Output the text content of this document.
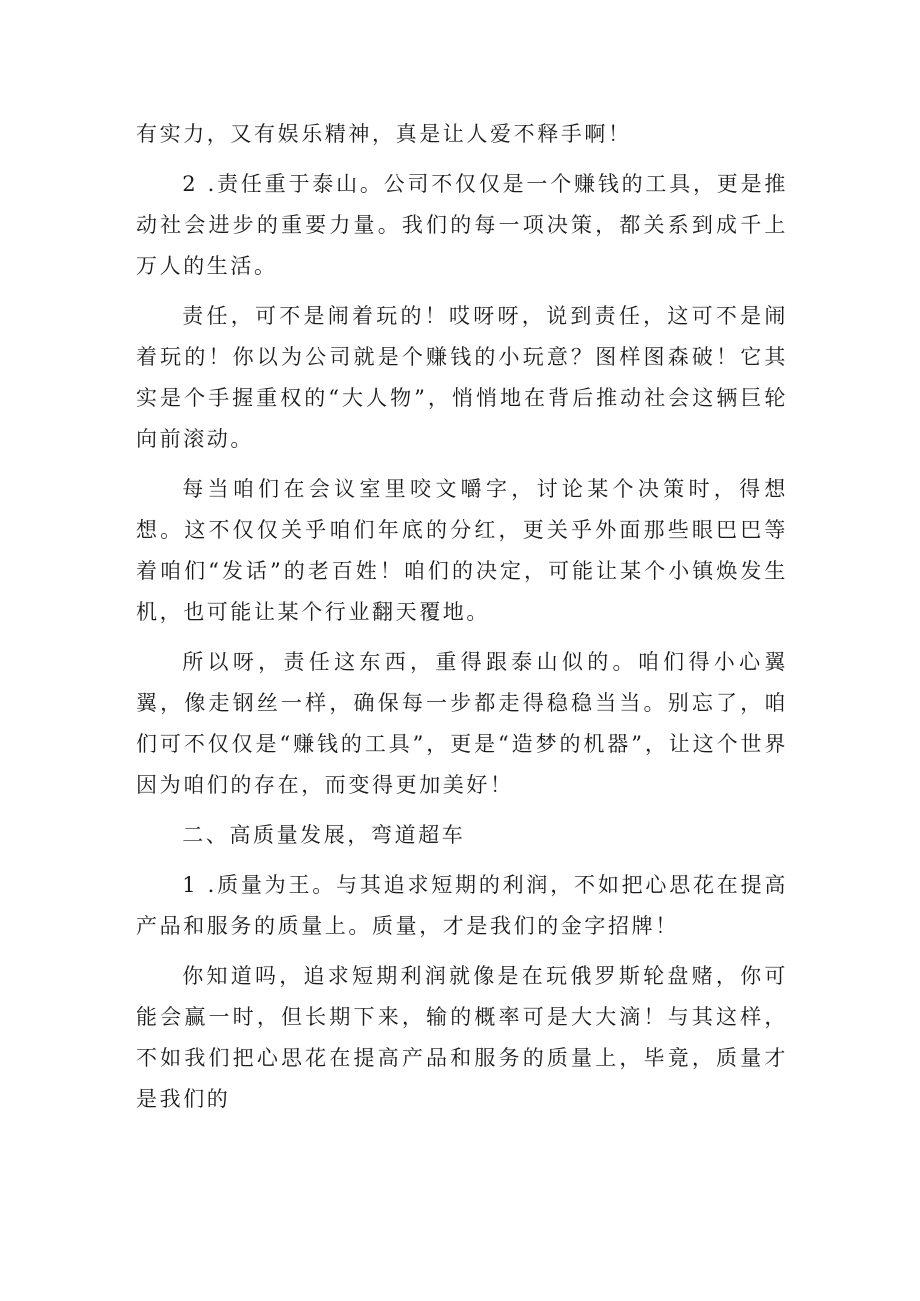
有实力，又有娱乐精神，真是让人爱不释手啊！

2 .责任重于泰山。公司不仅仅是一个赚钱的工具，更是推动社会进步的重要力量。我们的每一项决策，都关系到成千上万人的生活。

责任，可不是闹着玩的！哎呀呀，说到责任，这可不是闹着玩的！你以为公司就是个赚钱的小玩意？图样图森破！它其实是个手握重权的“大人物”，悄悄地在背后推动社会这辆巨轮向前滚动。

每当咱们在会议室里咬文嚼字，讨论某个决策时，得想想。这不仅仅关乎咱们年底的分红，更关乎外面那些眼巴巴等着咱们“发话”的老百姓！咱们的决定，可能让某个小镇焕发生机，也可能让某个行业翻天覆地。

所以呀，责任这东西，重得跟泰山似的。咱们得小心翼翼，像走钢丝一样，确保每一步都走得稳稳当当。别忘了，咱们可不仅仅是“赚钱的工具”，更是“造梦的机器”，让这个世界因为咱们的存在，而变得更加美好！

二、高质量发展，弯道超车

1 .质量为王。与其追求短期的利润，不如把心思花在提高产品和服务的质量上。质量，才是我们的金字招牌！

你知道吗，追求短期利润就像是在玩俄罗斯轮盘赌，你可能会赢一时，但长期下来，输的概率可是大大滴！与其这样，不如我们把心思花在提高产品和服务的质量上，毕竟，质量才是我们的
